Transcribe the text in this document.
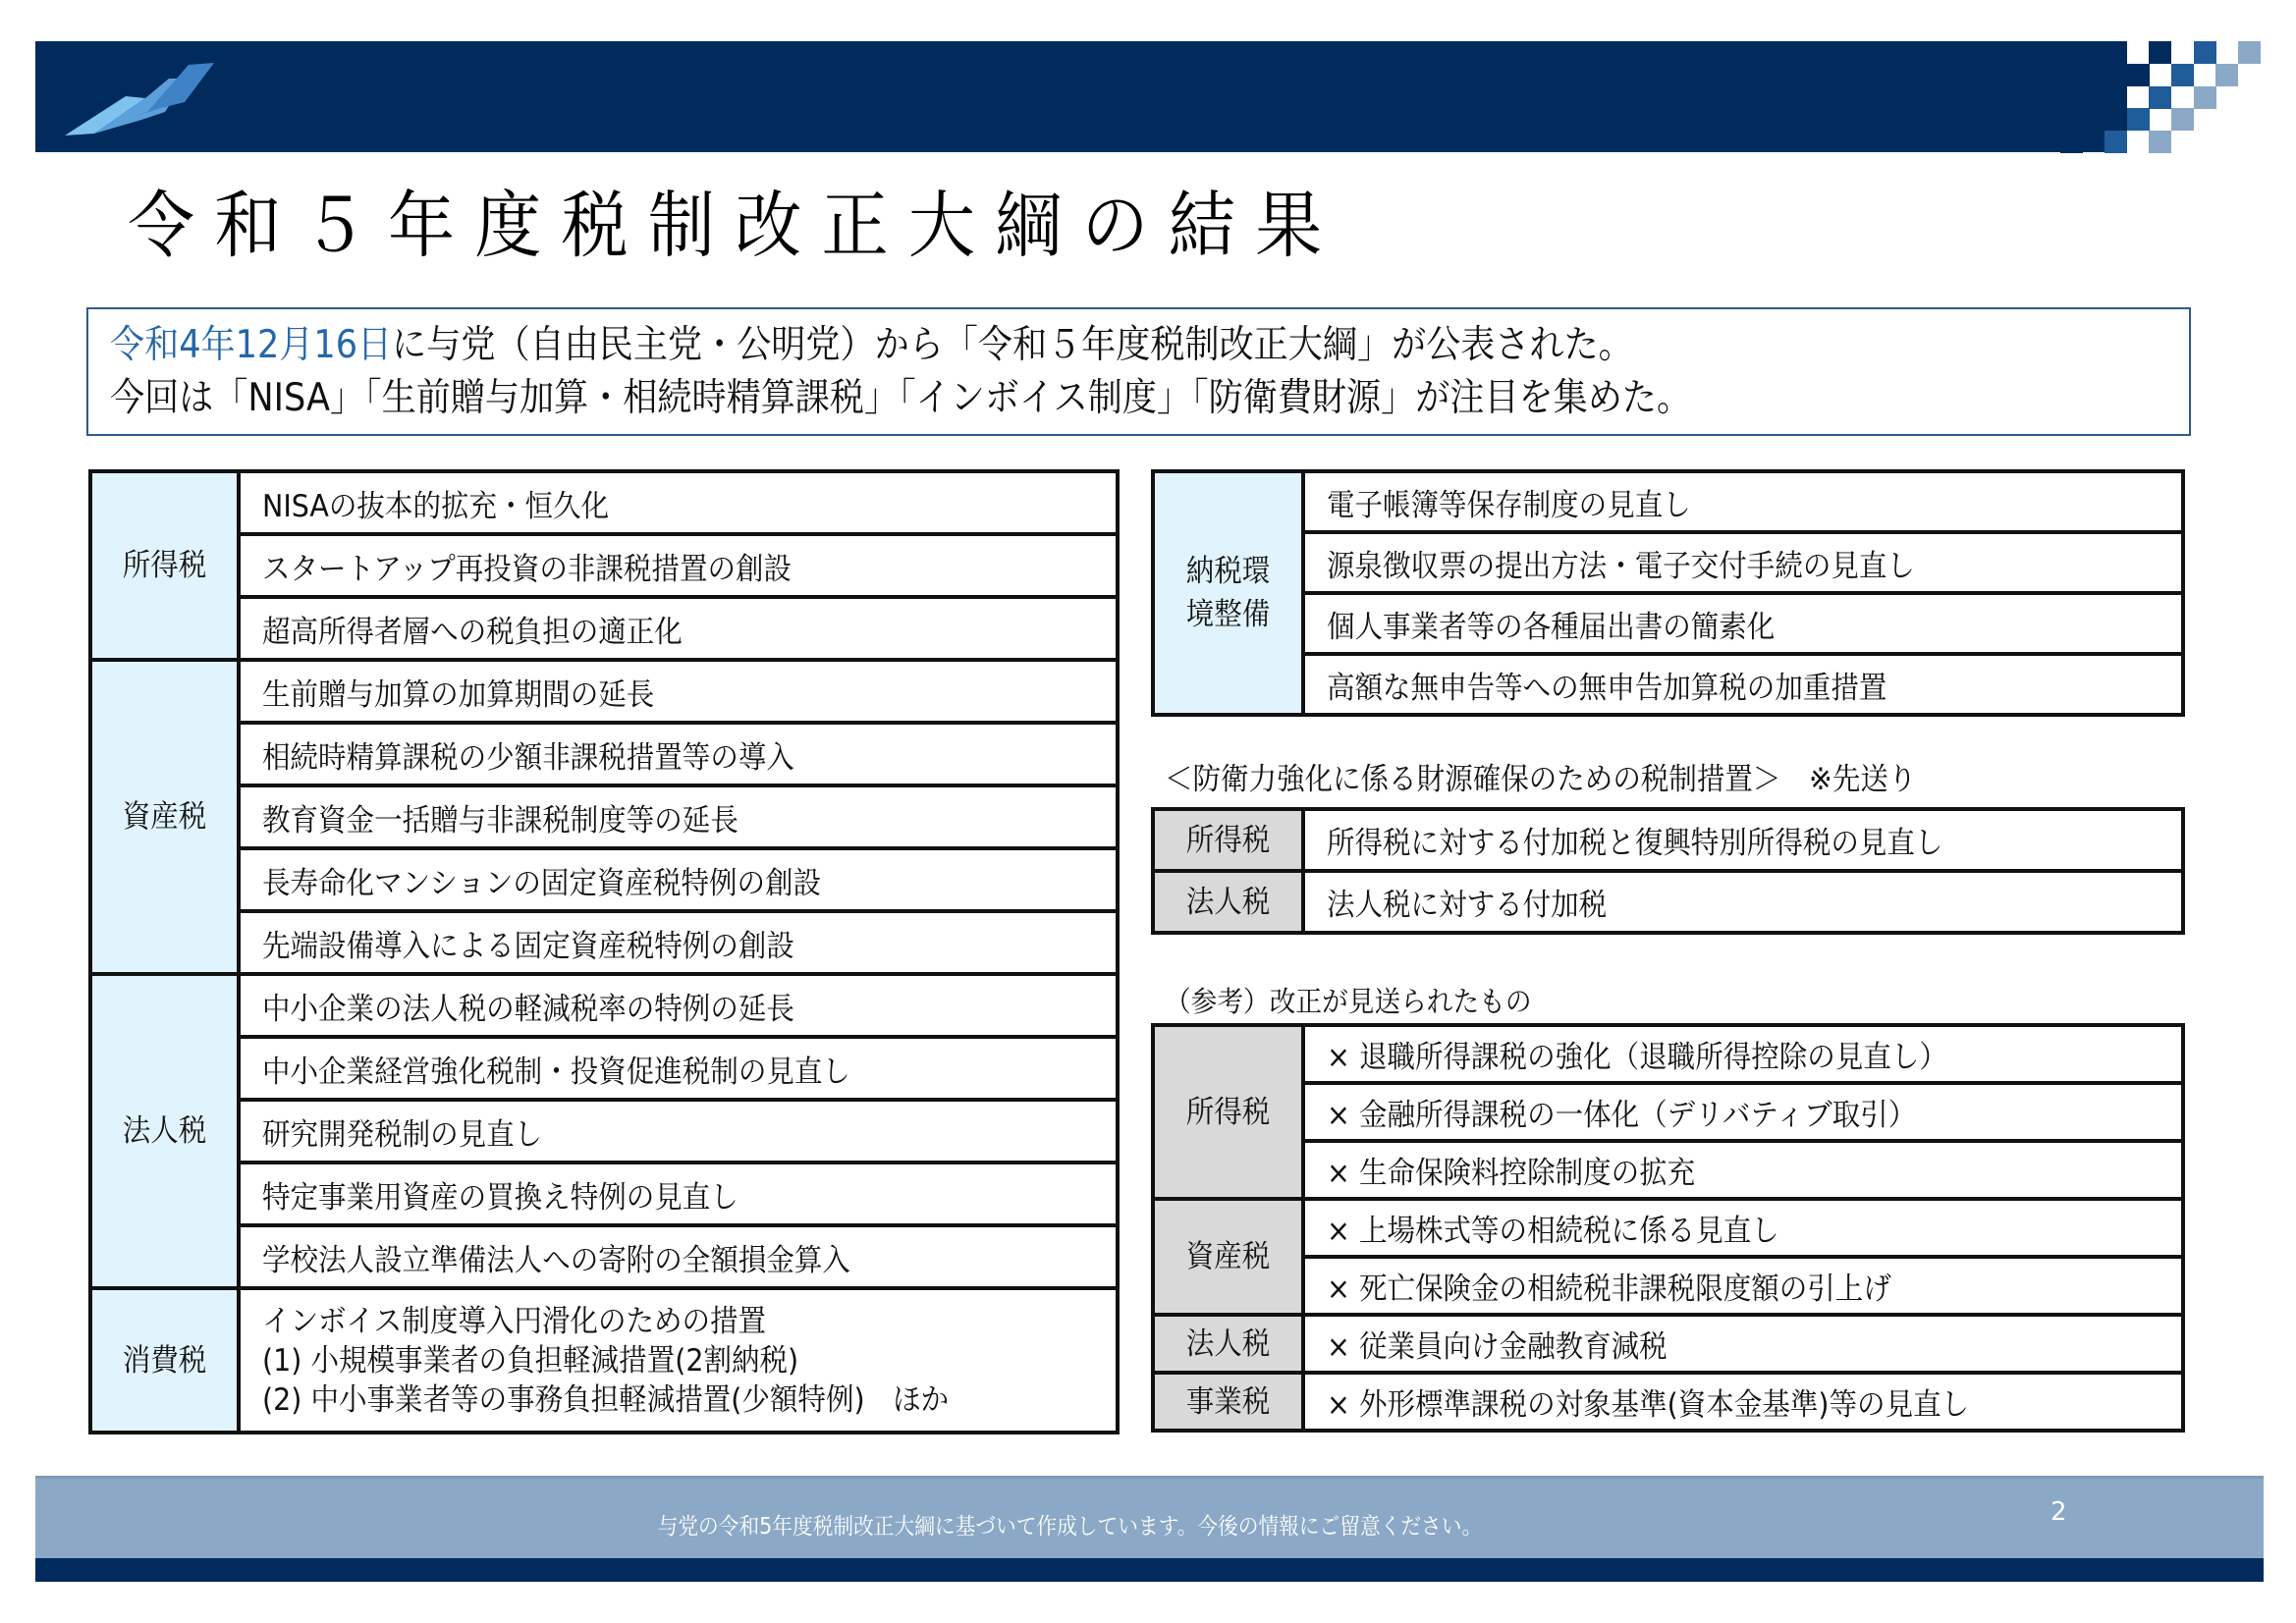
令和５年度税制改正大綱の結果
令和4年12月16日に与党（自由民主党・公明党）から「令和５年度税制改正大綱」が公表された。
今回は「NISA」「生前贈与加算・相続時精算課税」「インボイス制度」「防衛費財源」が注目を集めた。
所得税	NISAの抜本的拡充・恒久化
	スタートアップ再投資の非課税措置の創設
	超高所得者層への税負担の適正化
資産税	生前贈与加算の加算期間の延長
	相続時精算課税の少額非課税措置等の導入
	教育資金一括贈与非課税制度等の延長
	長寿命化マンションの固定資産税特例の創設
	先端設備導入による固定資産税特例の創設
法人税	中小企業の法人税の軽減税率の特例の延長
	中小企業経営強化税制・投資促進税制の見直し
	研究開発税制の見直し
	特定事業用資産の買換え特例の見直し
	学校法人設立準備法人への寄附の全額損金算入
消費税	インボイス制度導入円滑化のための措置
(1) 小規模事業者の負担軽減措置(2割納税)
(2) 中小事業者等の事務負担軽減措置(少額特例)　ほか
納税環
境整備	電子帳簿等保存制度の見直し
源泉徴収票の提出方法・電子交付手続の見直し
個人事業者等の各種届出書の簡素化
高額な無申告等への無申告加算税の加重措置
＜防衛力強化に係る財源確保のための税制措置＞　※先送り
所得税	所得税に対する付加税と復興特別所得税の見直し
法人税	法人税に対する付加税
（参考）改正が見送られたもの
所得税	× 退職所得課税の強化（退職所得控除の見直し）
	× 金融所得課税の一体化（デリバティブ取引）
	× 生命保険料控除制度の拡充
資産税	× 上場株式等の相続税に係る見直し
	× 死亡保険金の相続税非課税限度額の引上げ
法人税	× 従業員向け金融教育減税
事業税	× 外形標準課税の対象基準(資本金基準)等の見直し
与党の令和5年度税制改正大綱に基づいて作成しています。今後の情報にご留意ください。	2
